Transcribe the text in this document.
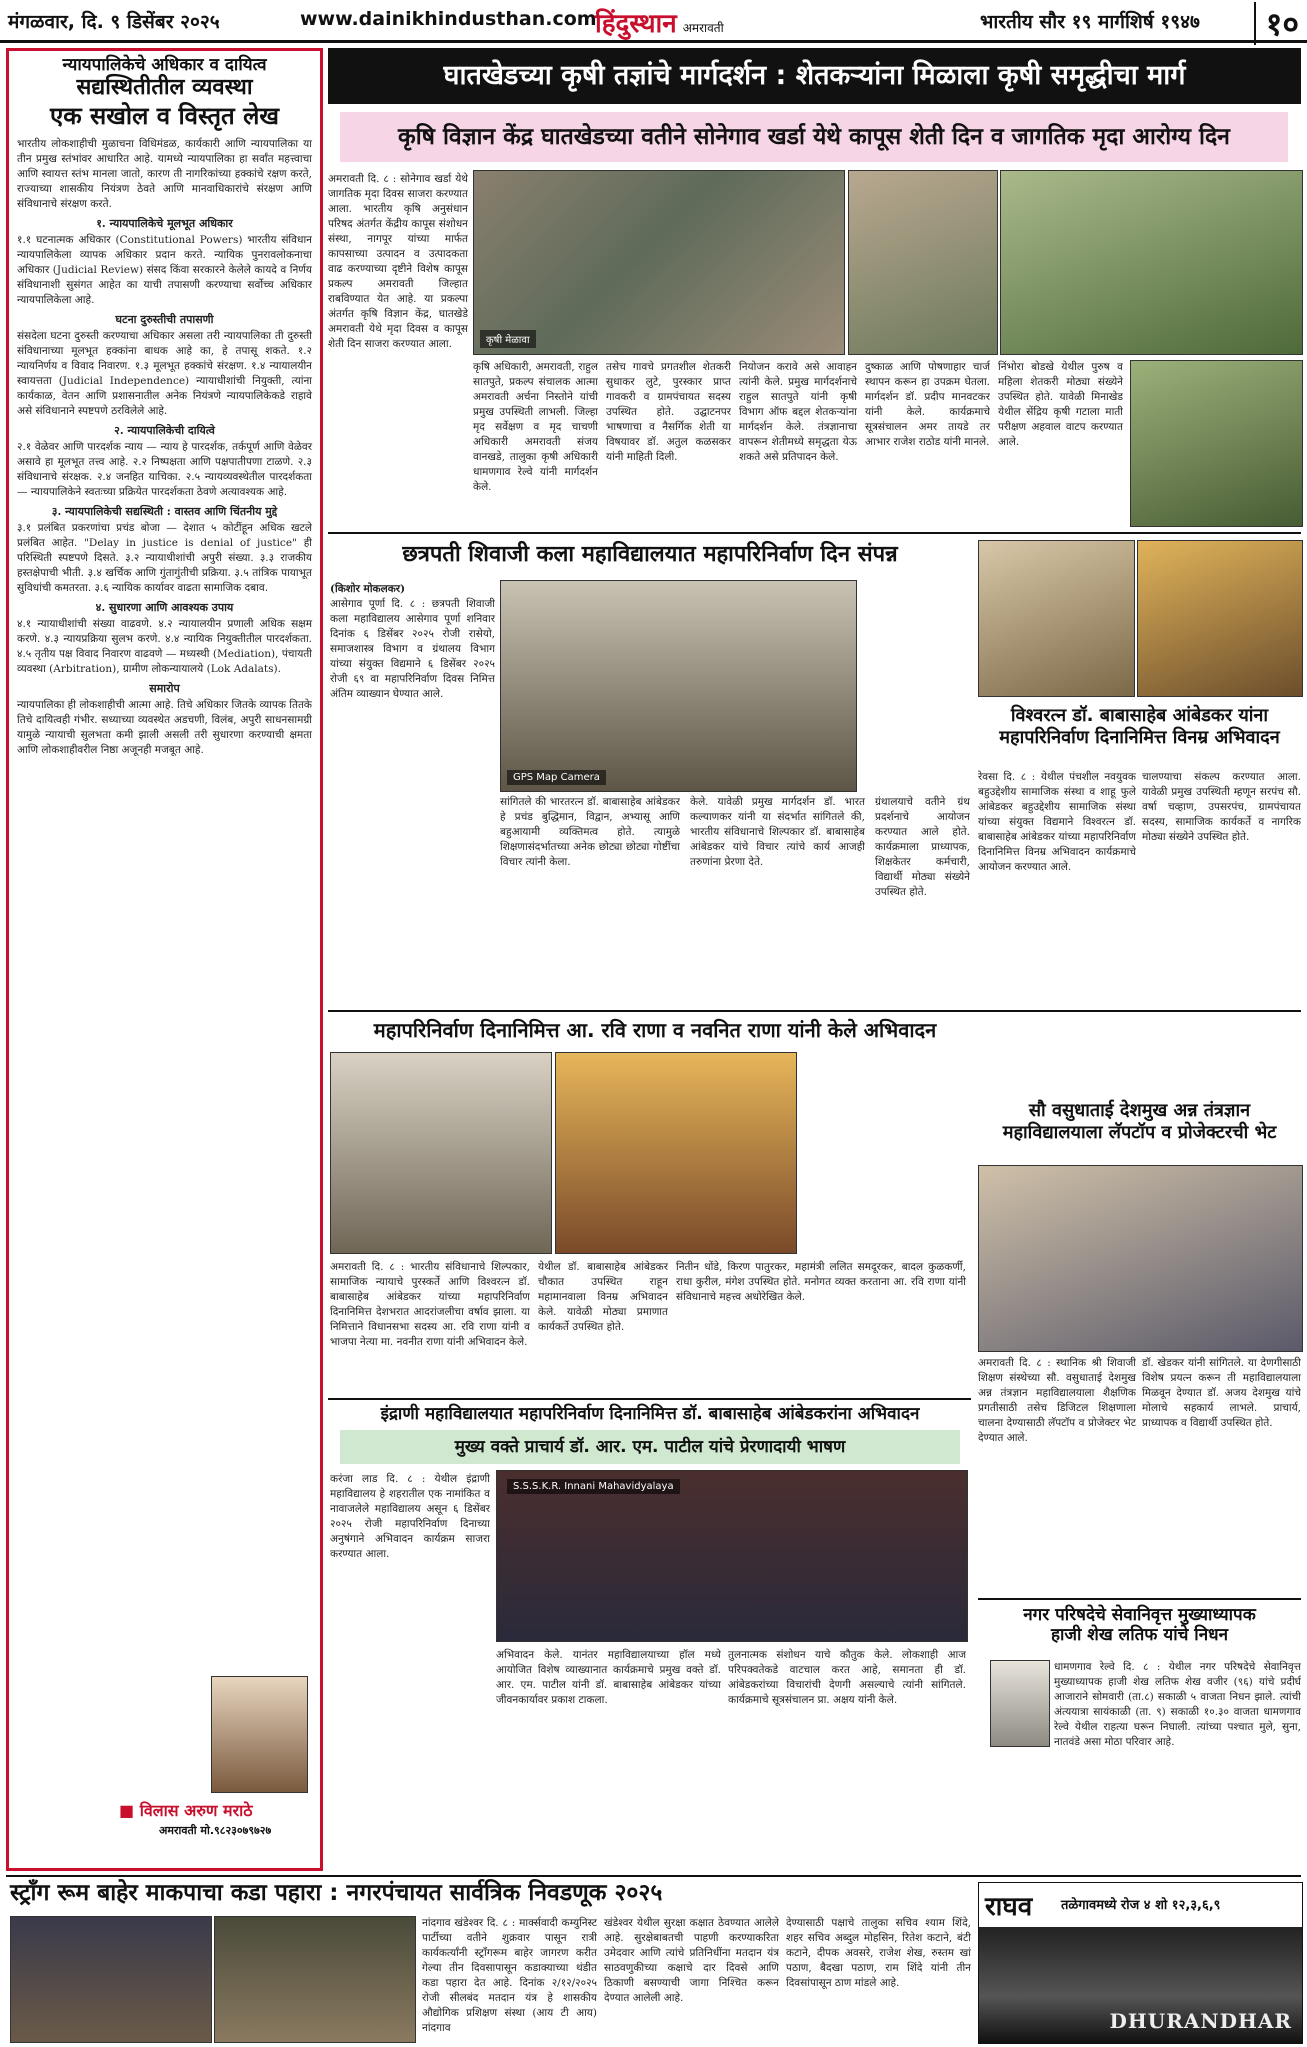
मंगळवार, दि. ९ डिसेंबर २०२५	www.dainikhindusthan.com
हिंदुस्थान अमरावती	भारतीय सौर १९ मार्गशिर्ष १९४७	१०
न्यायपालिकेचे अधिकार व दायित्व
सद्यस्थितीतील व्यवस्था
एक सखोल व विस्तृत लेख

भारतीय लोकशाहीची मुळाचना विधिमंडळ, कार्यकारी आणि न्यायपालिका या तीन प्रमुख स्तंभांवर आधारित आहे. यामध्ये न्यायपालिका हा सर्वांत महत्त्वाचा आणि स्वायत्त स्तंभ मानला जातो, कारण ती नागरिकांच्या हक्कांचे रक्षण करते, राज्याच्या शासकीय नियंत्रण ठेवते आणि मानवाधिकारांचे संरक्षण आणि संविधानाचे संरक्षण करते.

१. न्यायपालिकेचे मूलभूत अधिकार

१.१ घटनात्मक अधिकार (Constitutional Powers) भारतीय संविधान न्यायपालिकेला व्यापक अधिकार प्रदान करते. न्यायिक पुनरावलोकनाचा अधिकार (Judicial Review) संसद किंवा सरकारने केलेले कायदे व निर्णय संविधानाशी सुसंगत आहेत का याची तपासणी करण्याचा सर्वोच्च अधिकार न्यायपालिकेला आहे.

घटना दुरुस्तीची तपासणी

संसदेला घटना दुरुस्ती करण्याचा अधिकार असला तरी न्यायपालिका ती दुरुस्ती संविधानाच्या मूलभूत हक्कांना बाधक आहे का, हे तपासू शकते. १.२ न्यायनिर्णय व विवाद निवारण. १.३ मूलभूत हक्कांचे संरक्षण. १.४ न्यायालयीन स्वायत्तता (Judicial Independence) न्यायाधीशांची नियुक्ती, त्यांना कार्यकाळ, वेतन आणि प्रशासनातील अनेक नियंत्रणे न्यायपालिकेकडे राहावे असे संविधानाने स्पष्टपणे ठरविलेले आहे.

२. न्यायपालिकेची दायित्वे

२.१ वेळेवर आणि पारदर्शक न्याय — न्याय हे पारदर्शक, तर्कपूर्ण आणि वेळेवर असावे हा मूलभूत तत्त्व आहे. २.२ निष्पक्षता आणि पक्षपातीपणा टाळणे. २.३ संविधानाचे संरक्षक. २.४ जनहित याचिका. २.५ न्यायव्यवस्थेतील पारदर्शकता — न्यायपालिकेने स्वतःच्या प्रक्रियेत पारदर्शकता ठेवणे अत्यावश्यक आहे.

३. न्यायपालिकेची सद्यस्थिती : वास्तव आणि चिंतनीय मुद्दे

३.१ प्रलंबित प्रकरणांचा प्रचंड बोजा — देशात ५ कोटींहून अधिक खटले प्रलंबित आहेत. "Delay in justice is denial of justice" ही परिस्थिती स्पष्टपणे दिसते. ३.२ न्यायाधीशांची अपुरी संख्या. ३.३ राजकीय हस्तक्षेपाची भीती. ३.४ खर्चिक आणि गुंतागुंतीची प्रक्रिया. ३.५ तांत्रिक पायाभूत सुविधांची कमतरता. ३.६ न्यायिक कार्यावर वाढता सामाजिक दबाव.

४. सुधारणा आणि आवश्यक उपाय

४.१ न्यायाधीशांची संख्या वाढवणे. ४.२ न्यायालयीन प्रणाली अधिक सक्षम करणे. ४.३ न्यायप्रक्रिया सुलभ करणे. ४.४ न्यायिक नियुक्तीतील पारदर्शकता. ४.५ तृतीय पक्ष विवाद निवारण वाढवणे — मध्यस्थी (Mediation), पंचायती व्यवस्था (Arbitration), ग्रामीण लोकन्यायालये (Lok Adalats).

समारोप

न्यायपालिका ही लोकशाहीची आत्मा आहे. तिचे अधिकार जितके व्यापक तितके तिचे दायित्वही गंभीर. सध्याच्या व्यवस्थेत अडचणी, विलंब, अपुरी साधनसामग्री यामुळे न्यायाची सुलभता कमी झाली असली तरी सुधारणा करण्याची क्षमता आणि लोकशाहीवरील निष्ठा अजूनही मजबूत आहे.

■ विलास अरुण मराठे
अमरावती मो.९८२३०७९७२७
घातखेडच्या कृषी तज्ञांचे मार्गदर्शन : शेतकऱ्यांना मिळाला कृषी समृद्धीचा मार्ग
कृषि विज्ञान केंद्र घातखेडच्या वतीने सोनेगाव खर्डा येथे कापूस शेती दिन व जागतिक मृदा आरोग्य दिन
अमरावती दि. ८ : सोनेगाव खर्डा येथे जागतिक मृदा दिवस साजरा करण्यात आला. भारतीय कृषि अनुसंधान परिषद अंतर्गत केंद्रीय कापूस संशोधन संस्था, नागपूर यांच्या मार्फत कापसाच्या उत्पादन व उत्पादकता वाढ करण्याच्या दृष्टीने विशेष कापूस प्रकल्प अमरावती जिल्हात राबविण्यात येत आहे. या प्रकल्पा अंतर्गत कृषि विज्ञान केंद्र, घातखेडे अमरावती येथे मृदा दिवस व कापूस शेती दिन साजरा करण्यात आला.	कृषी मेळावा
कृषि अधिकारी, अमरावती, राहुल सातपुते, प्रकल्प संचालक आत्मा अमरावती अर्चना निस्तोने यांची प्रमुख उपस्थिती लाभली. जिल्हा मृद सर्वेक्षण व मृद चाचणी अधिकारी अमरावती संजय वानखडे, तालुका कृषी अधिकारी धामणगाव रेल्वे यांनी मार्गदर्शन केले.
तसेच गावचे प्रगतशील शेतकरी सुधाकर लुटे, पुरस्कार प्राप्त गावकरी व ग्रामपंचायत सदस्य उपस्थित होते. उद्घाटनपर भाषणाचा व नैसर्गिक शेती या विषयावर डॉ. अतुल कळसकर यांनी माहिती दिली.
नियोजन करावे असे आवाहन त्यांनी केले. प्रमुख मार्गदर्शनाचे राहुल सातपुते यांनी कृषी विभाग ऑफ बद्दल शेतकऱ्यांना मार्गदर्शन केले. तंत्रज्ञानाचा वापरून शेतीमध्ये समृद्धता येऊ शकते असे प्रतिपादन केले.
दुष्काळ आणि पोषणाहार चार्ज स्थापन करून हा उपक्रम घेतला. मार्गदर्शन डॉ. प्रदीप मानवटकर यांनी केले. कार्यक्रमाचे सूत्रसंचालन अमर तायडे तर आभार राजेश राठोड यांनी मानले.
निंभोरा बोडखे येथील पुरुष व महिला शेतकरी मोठ्या संख्येने उपस्थित होते. यावेळी मिनाखेड येथील सेंद्रिय कृषी गटाला माती परीक्षण अहवाल वाटप करण्यात आले.
छत्रपती शिवाजी कला महाविद्यालयात महापरिनिर्वाण दिन संपन्न
(किशोर मोकलकर)
आसेगाव पूर्णा दि. ८ : छत्रपती शिवाजी कला महाविद्यालय आसेगाव पूर्णा शनिवार दिनांक ६ डिसेंबर २०२५ रोजी रासेयो, समाजशास्त्र विभाग व ग्रंथालय विभाग यांच्या संयुक्त विद्यमाने ६ डिसेंबर २०२५ रोजी ६९ वा महापरिनिर्वाण दिवस निमित्त अंतिम व्याख्यान घेण्यात आले.
GPS Map Camera
सांगितले की भारतरत्न डॉ. बाबासाहेब आंबेडकर हे प्रचंड बुद्धिमान, विद्वान, अभ्यासू आणि बहुआयामी व्यक्तिमत्व होते. त्यामुळे शिक्षणासंदर्भातच्या अनेक छोट्या छोट्या गोष्टींचा विचार त्यांनी केला.
केले. यावेळी प्रमुख मार्गदर्शन डॉ. भारत कल्याणकर यांनी या संदर्भात सांगितले की, भारतीय संविधानाचे शिल्पकार डॉ. बाबासाहेब आंबेडकर यांचे विचार त्यांचे कार्य आजही तरुणांना प्रेरणा देते.
ग्रंथालयाचे वतीने ग्रंथ प्रदर्शनाचे आयोजन करण्यात आले होते. कार्यक्रमाला प्राध्यापक, शिक्षकेतर कर्मचारी, विद्यार्थी मोठ्या संख्येने उपस्थित होते.
विश्वरत्न डॉ. बाबासाहेब आंबेडकर यांना
महापरिनिर्वाण दिनानिमित्त विनम्र अभिवादन
रेवसा दि. ८ : येथील पंचशील नवयुवक बहुउद्देशीय सामाजिक संस्था व शाहू फुले आंबेडकर बहुउद्देशीय सामाजिक संस्था यांच्या संयुक्त विद्यमाने विश्वरत्न डॉ. बाबासाहेब आंबेडकर यांच्या महापरिनिर्वाण दिनानिमित्त विनम्र अभिवादन कार्यक्रमाचे आयोजन करण्यात आले.
चालण्याचा संकल्प करण्यात आला. यावेळी प्रमुख उपस्थिती म्हणून सरपंच सौ. वर्षा चव्हाण, उपसरपंच, ग्रामपंचायत सदस्य, सामाजिक कार्यकर्ते व नागरिक मोठ्या संख्येने उपस्थित होते.
महापरिनिर्वाण दिनानिमित्त आ. रवि राणा व नवनित राणा यांनी केले अभिवादन
अमरावती दि. ८ : भारतीय संविधानाचे शिल्पकार, सामाजिक न्यायाचे पुरस्कर्ते आणि विश्वरत्न डॉ. बाबासाहेब आंबेडकर यांच्या महापरिनिर्वाण दिनानिमित्त देशभरात आदरांजलीचा वर्षाव झाला. या निमित्ताने विधानसभा सदस्य आ. रवि राणा यांनी व भाजपा नेत्या मा. नवनीत राणा यांनी अभिवादन केले.
येथील डॉ. बाबासाहेब आंबेडकर चौकात उपस्थित राहून महामानवाला विनम्र अभिवादन केले. यावेळी मोठ्या प्रमाणात कार्यकर्ते उपस्थित होते.
नितीन धोंडे, किरण पातुरकर, महामंत्री ललित समदूरकर, बादल कुळकर्णी, राधा कुरील, मंगेश उपस्थित होते. मनोगत व्यक्त करताना आ. रवि राणा यांनी संविधानाचे महत्त्व अधोरेखित केले.
सौ वसुधाताई देशमुख अन्न तंत्रज्ञान
महाविद्यालयाला लॅपटॉप व प्रोजेक्टरची भेट
अमरावती दि. ८ : स्थानिक श्री शिवाजी शिक्षण संस्थेच्या सौ. वसुधाताई देशमुख अन्न तंत्रज्ञान महाविद्यालयाला शैक्षणिक प्रगतीसाठी तसेच डिजिटल शिक्षणाला चालना देण्यासाठी लॅपटॉप व प्रोजेक्टर भेट देण्यात आले.
डॉ. खेडकर यांनी सांगितले. या देणगीसाठी विशेष प्रयत्न करून ती महाविद्यालयाला मिळवून देण्यात डॉ. अजय देशमुख यांचे मोलाचे सहकार्य लाभले. प्राचार्य, प्राध्यापक व विद्यार्थी उपस्थित होते.
इंद्राणी महाविद्यालयात महापरिनिर्वाण दिनानिमित्त डॉ. बाबासाहेब आंबेडकरांना अभिवादन
मुख्य वक्ते प्राचार्य डॉ. आर. एम. पाटील यांचे प्रेरणादायी भाषण
करंजा लाड दि. ८ : येथील इंद्राणी महाविद्यालय हे शहरातील एक नामांकित व नावाजलेले महाविद्यालय असून ६ डिसेंबर २०२५ रोजी महापरिनिर्वाण दिनाच्या अनुषंगाने अभिवादन कार्यक्रम साजरा करण्यात आला.
S.S.S.K.R. Innani Mahavidyalaya
अभिवादन केले. यानंतर महाविद्यालयाच्या हॉल मध्ये आयोजित विशेष व्याख्यानात कार्यक्रमाचे प्रमुख वक्ते डॉ. आर. एम. पाटील यांनी डॉ. बाबासाहेब आंबेडकर यांच्या जीवनकार्यावर प्रकाश टाकला.
तुलनात्मक संशोधन याचे कौतुक केले. लोकशाही आज परिपक्वतेकडे वाटचाल करत आहे, समानता ही डॉ. आंबेडकरांच्या विचारांची देणगी असल्याचे त्यांनी सांगितले. कार्यक्रमाचे सूत्रसंचालन प्रा. अक्षय यांनी केले.
नगर परिषदेचे सेवानिवृत्त मुख्याध्यापक
हाजी शेख लतिफ यांचे निधन
धामणगाव रेल्वे दि. ८ : येथील नगर परिषदेचे सेवानिवृत्त मुख्याध्यापक हाजी शेख लतिफ शेख वजीर (९६) यांचे प्रदीर्घ आजाराने सोमवारी (ता.८) सकाळी ५ वाजता निधन झाले. त्यांची अंत्ययात्रा सायंकाळी (ता. ९) सकाळी १०.३० वाजता धामणगाव रेल्वे येथील राहत्या घरून निघाली. त्यांच्या पश्चात मुले, सुना, नातवंडे असा मोठा परिवार आहे.
स्ट्राँग रूम बाहेर माकपाचा कडा पहारा : नगरपंचायत सार्वत्रिक निवडणूक २०२५
नांदगाव खंडेश्वर दि. ८ : मार्क्सवादी कम्युनिस्ट पार्टीच्या वतीने शुक्रवार पासून रात्री कार्यकर्त्यांनी स्ट्राँगरूम बाहेर जागरण करीत गेल्या तीन दिवसापासून कडाक्याच्या थंडीत कडा पहारा देत आहे. दिनांक २/१२/२०२५ रोजी सीलबंद मतदान यंत्र हे शासकीय औद्योगिक प्रशिक्षण संस्था (आय टी आय) नांदगाव
खंडेश्वर येथील सुरक्षा कक्षात ठेवण्यात आलेले आहे. सुरक्षेबाबतची पाहणी करण्याकरिता उमेदवार आणि त्यांचे प्रतिनिधींना मतदान यंत्र साठवणुकीच्या कक्षाचे दार दिवसे आणि ठिकाणी बसण्याची जागा निश्चित करून देण्यात आलेली आहे.
देण्यासाठी पक्षाचे तालुका सचिव श्याम शिंदे, शहर सचिव अब्दुल मोहसिन, रितेश कटाने, बंटी कटाने, दीपक अवसरे, राजेश शेख, रुस्तम खां पठाण, बैदखा पठाण, राम शिंदे यांनी तीन दिवसांपासून ठाण मांडले आहे.
राघव तळेगावमध्ये रोज ४ शो १२,३,६,९
DHURANDHAR
